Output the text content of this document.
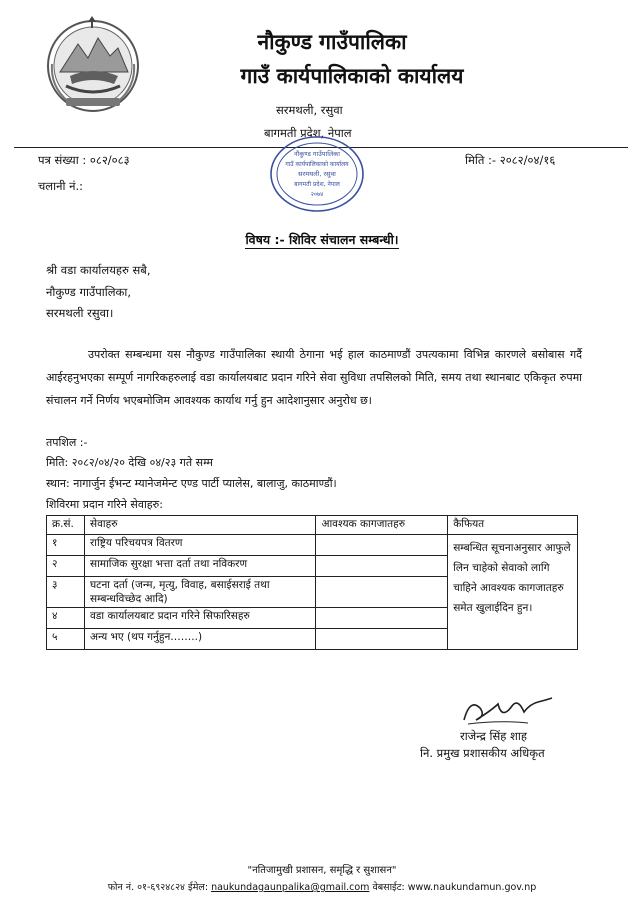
नौकुण्ड गाउँपालिका
गाउँ कार्यपालिकाको कार्यालय
सरमथली, रसुवा
बागमती प्रदेश, नेपाल
नौकुण्ड गाउँपालिका
गाउँ कार्यपालिकाको कार्यालय
सरमथली, रसुवा
बागमती प्रदेश, नेपाल
२०७४
पत्र संख्या : ०८२/०८३	मिति :- २०८२/०४/१६
चलानी नं.:
विषय :- शिविर संचालन सम्बन्धी।
श्री वडा कार्यालयहरु सबै,
नौकुण्ड गाउँपालिका,
सरमथली रसुवा।
उपरोक्त सम्बन्धमा यस नौकुण्ड गाउँपालिका स्थायी ठेगाना भई हाल काठमाण्डौं उपत्यकामा विभिन्न कारणले बसोबास गर्दै आईरहनुभएका सम्पूर्ण नागरिकहरुलाई वडा कार्यालयबाट प्रदान गरिने सेवा सुविधा तपसिलको मिति, समय तथा स्थानबाट एकिकृत रुपमा संचालन गर्ने निर्णय भएबमोजिम आवश्यक कार्याथ गर्नु हुन आदेशानुसार अनुरोध छ।
तपशिल :-
मिति: २०८२/०४/२० देखि ०४/२३ गते सम्म
स्थान: नागार्जुन ईभन्ट म्यानेजमेन्ट एण्ड पार्टी प्यालेस, बालाजु, काठमाण्डौं।
शिविरमा प्रदान गरिने सेवाहरु:
क्र.सं.	सेवाहरु	आवश्यक कागजातहरु	कैफियत
१	राष्ट्रिय परिचयपत्र वितरण		सम्बन्धित सूचनाअनुसार आफुले लिन चाहेको सेवाको लागि चाहिने आवश्यक कागजातहरु समेत खुलाईदिन हुन।
२	सामाजिक सुरक्षा भत्ता दर्ता तथा नविकरण		
३	घटना दर्ता (जन्म, मृत्यु, विवाह, बसाईसराई तथा सम्बन्धविच्छेद आदि)		
४	वडा कार्यालयबाट प्रदान गरिने सिफारिसहरु		
५	अन्य भए (थप गर्नुहुन……..)		
राजेन्द्र सिंह शाह
नि. प्रमुख प्रशासकीय अधिकृत
"नतिजामुखी प्रशासन, समृद्धि र सुशासन"
फोन नं. ०१-६९२४८२४ ईमेल: naukundagaunpalika@gmail.com वेबसाईट: www.naukundamun.gov.np
